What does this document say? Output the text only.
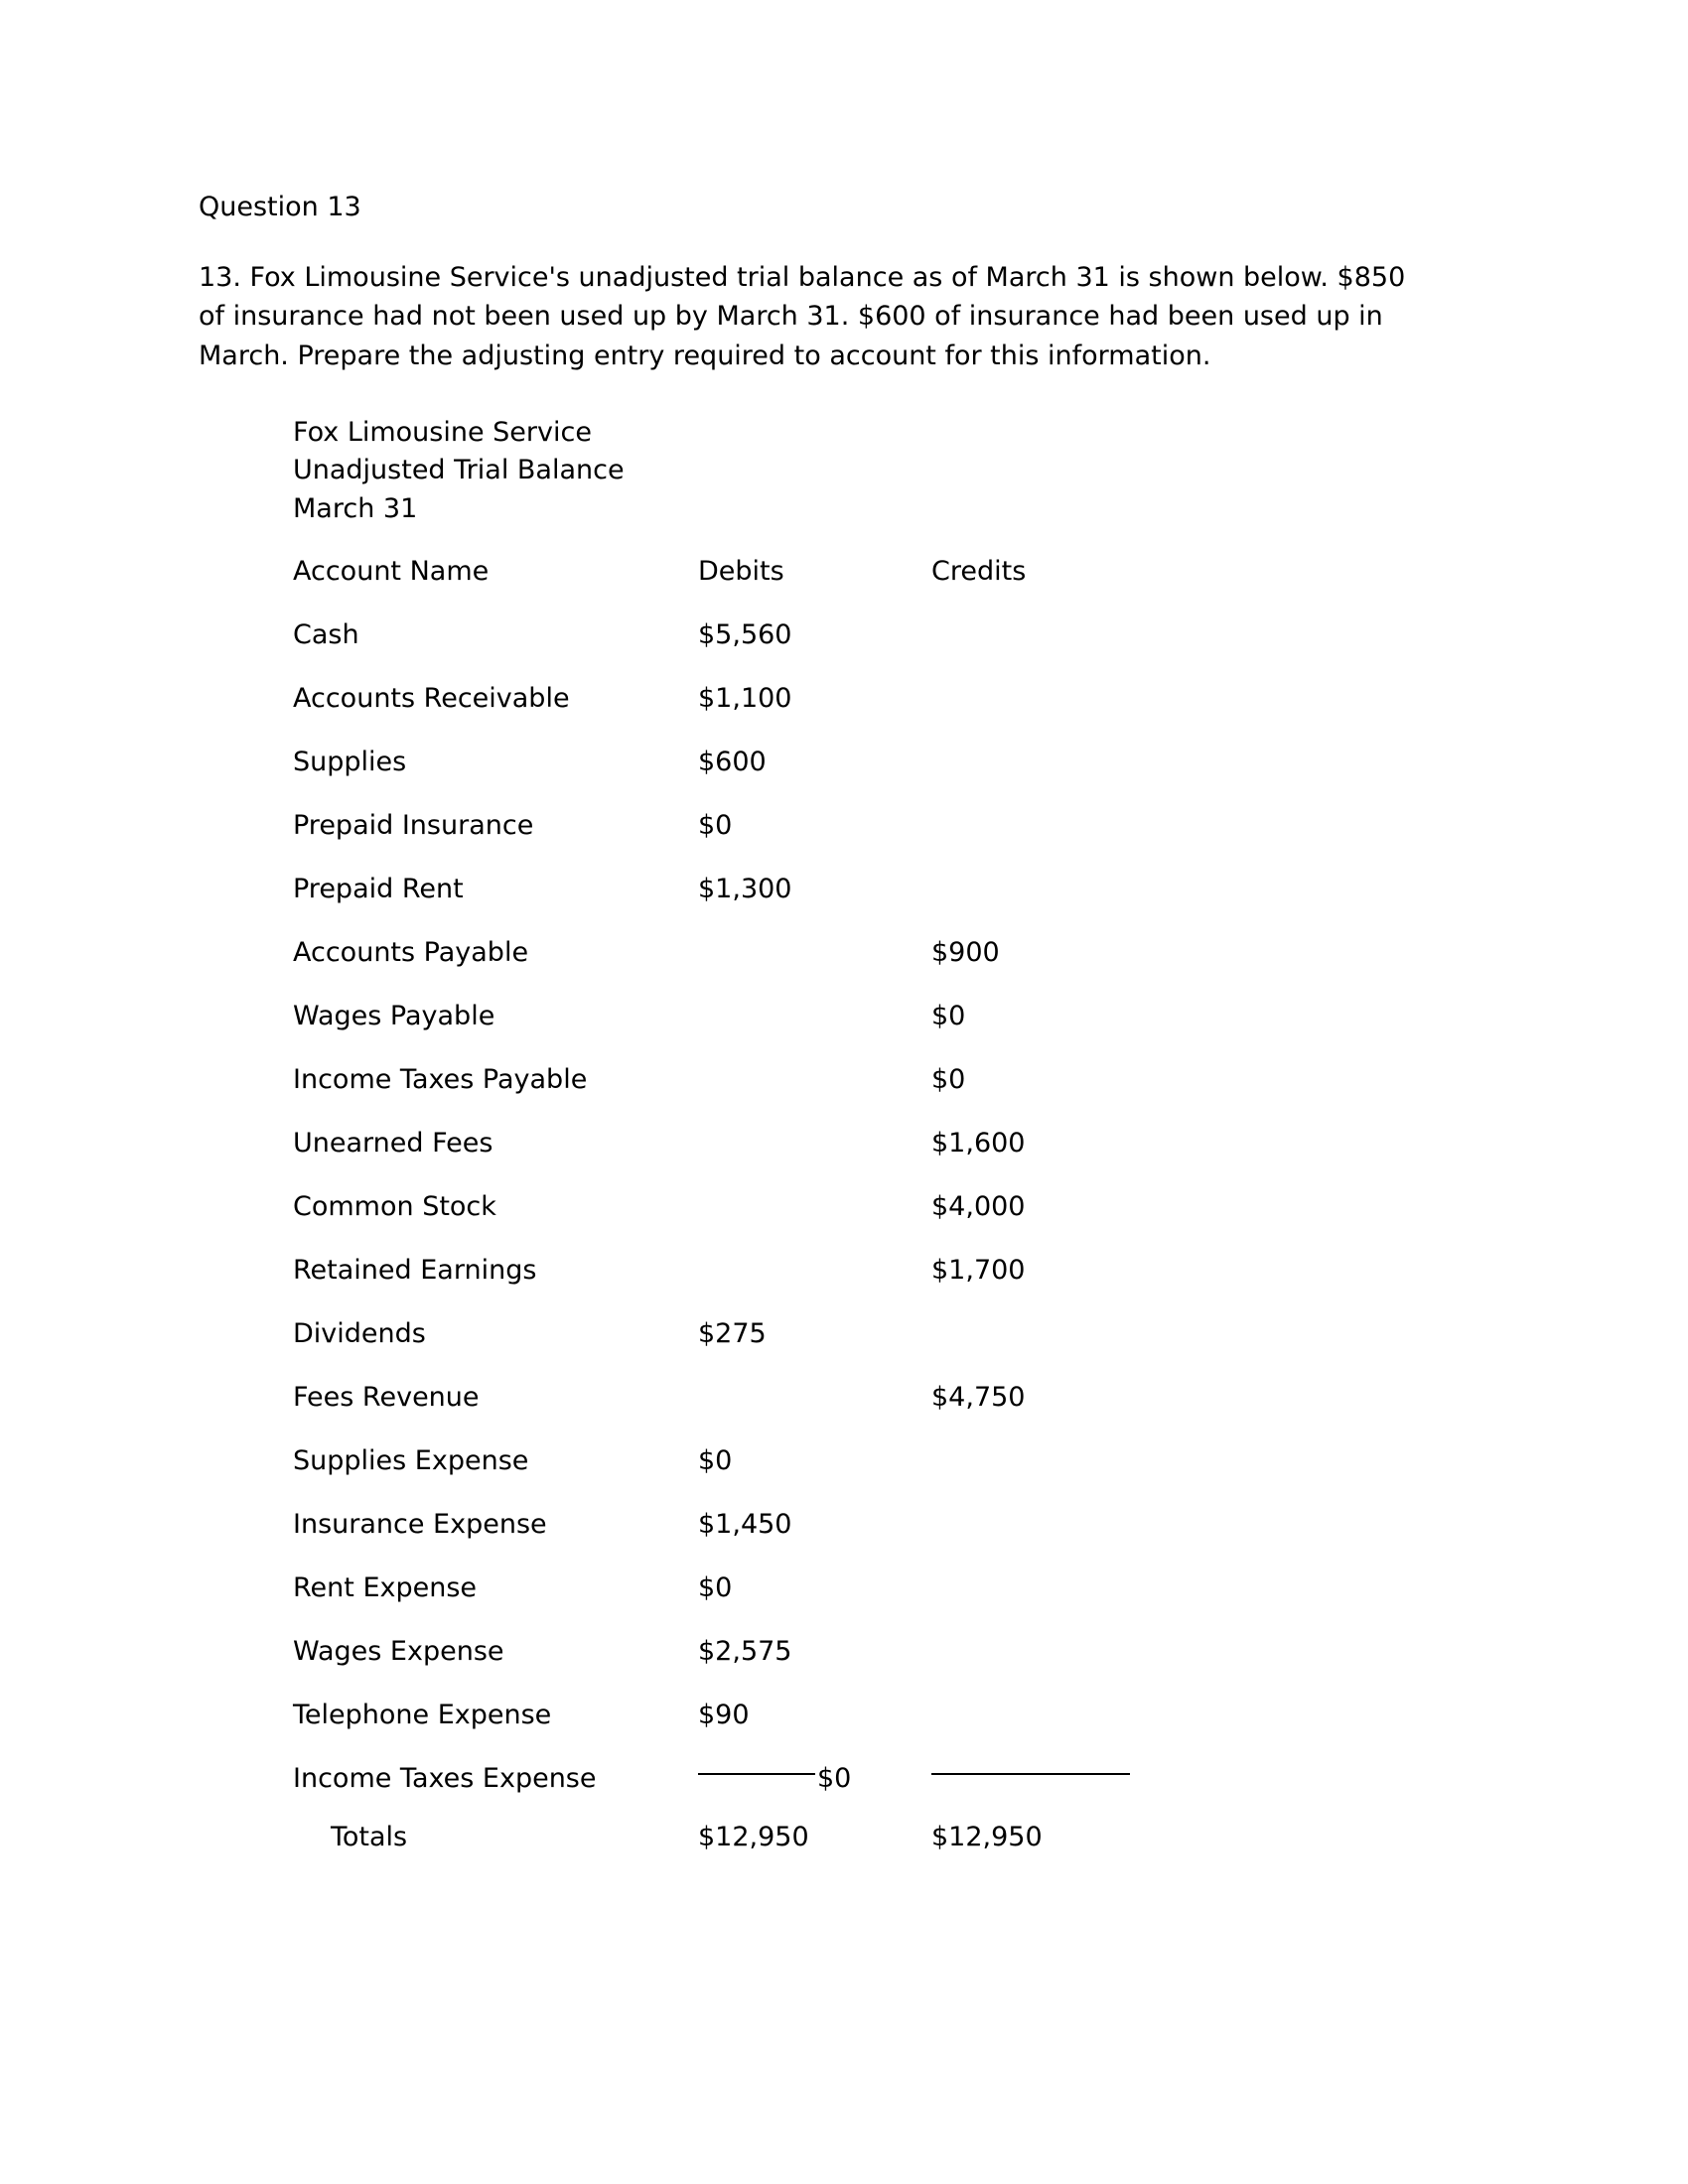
Question 13
13. Fox Limousine Service's unadjusted trial balance as of March 31 is shown below. $850 of insurance had not been used up by March 31. $600 of insurance had been used up in March. Prepare the adjusting entry required to account for this information.
Fox Limousine Service
Unadjusted Trial Balance
March 31
Account Name	Debits	Credits
Cash	$5,560	
Accounts Receivable	$1,100	
Supplies	$600	
Prepaid Insurance	$0	
Prepaid Rent	$1,300	
Accounts Payable		$900
Wages Payable		$0
Income Taxes Payable		$0
Unearned Fees		$1,600
Common Stock		$4,000
Retained Earnings		$1,700
Dividends	$275	
Fees Revenue		$4,750
Supplies Expense	$0	
Insurance Expense	$1,450	
Rent Expense	$0	
Wages Expense	$2,575	
Telephone Expense	$90	
Income Taxes Expense	$0	
Totals	$12,950	$12,950
